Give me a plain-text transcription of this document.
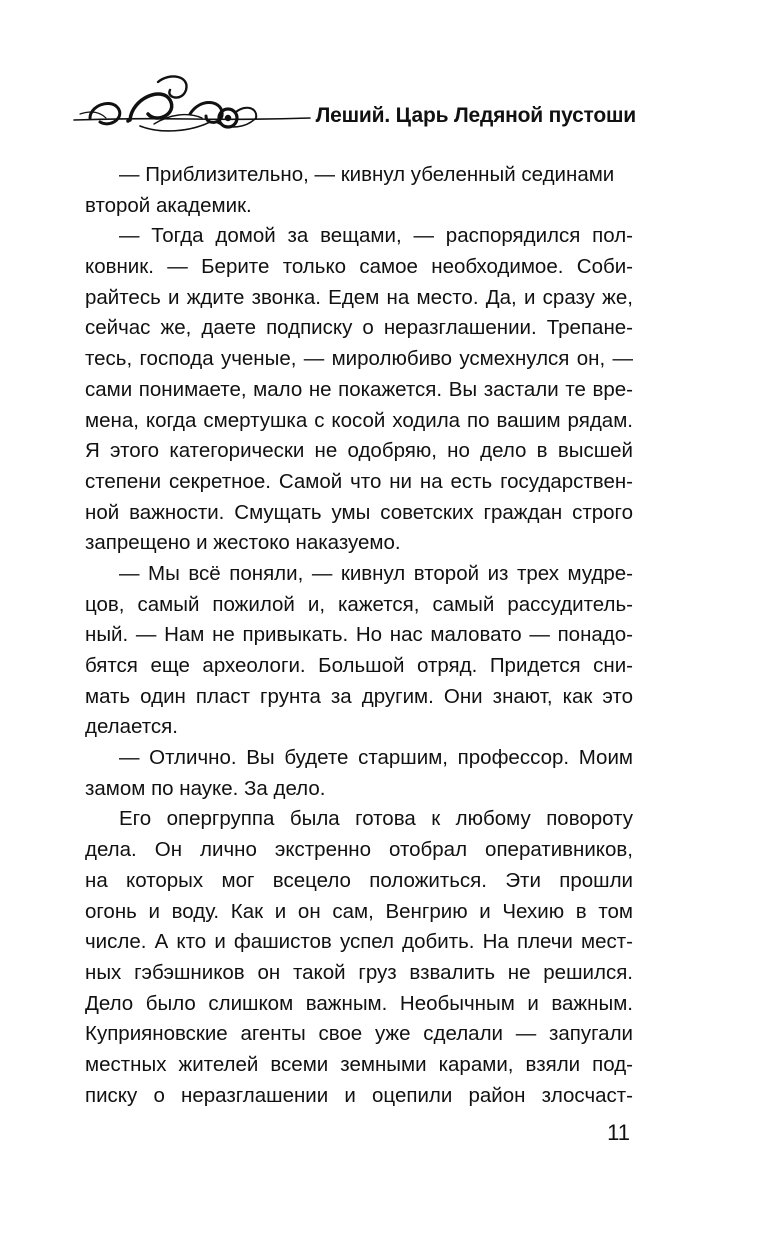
Леший. Царь Ледяной пустоши
— Приблизительно, — кивнул убеленный сединами
второй академик.
— Тогда домой за вещами, — распорядился пол-
ковник. — Берите только самое необходимое. Соби-
райтесь и ждите звонка. Едем на место. Да, и сразу же,
сейчас же, даете подписку о неразглашении. Трепане-
тесь, господа ученые, — миролюбиво усмехнулся он, —
сами понимаете, мало не покажется. Вы застали те вре-
мена, когда смертушка с косой ходила по вашим рядам.
Я этого категорически не одобряю, но дело в высшей
степени секретное. Самой что ни на есть государствен-
ной важности. Смущать умы советских граждан строго
запрещено и жестоко наказуемо.
— Мы всё поняли, — кивнул второй из трех мудре-
цов, самый пожилой и, кажется, самый рассудитель-
ный. — Нам не привыкать. Но нас маловато — понадо-
бятся еще археологи. Большой отряд. Придется сни-
мать один пласт грунта за другим. Они знают, как это
делается.
— Отлично. Вы будете старшим, профессор. Моим
замом по науке. За дело.
Его опергруппа была готова к любому повороту
дела. Он лично экстренно отобрал оперативников,
на которых мог всецело положиться. Эти прошли
огонь и воду. Как и он сам, Венгрию и Чехию в том
числе. А кто и фашистов успел добить. На плечи мест-
ных гэбэшников он такой груз взвалить не решился.
Дело было слишком важным. Необычным и важным.
Куприяновские агенты свое уже сделали — запугали
местных жителей всеми земными карами, взяли под-
писку о неразглашении и оцепили район злосчаст-
11
